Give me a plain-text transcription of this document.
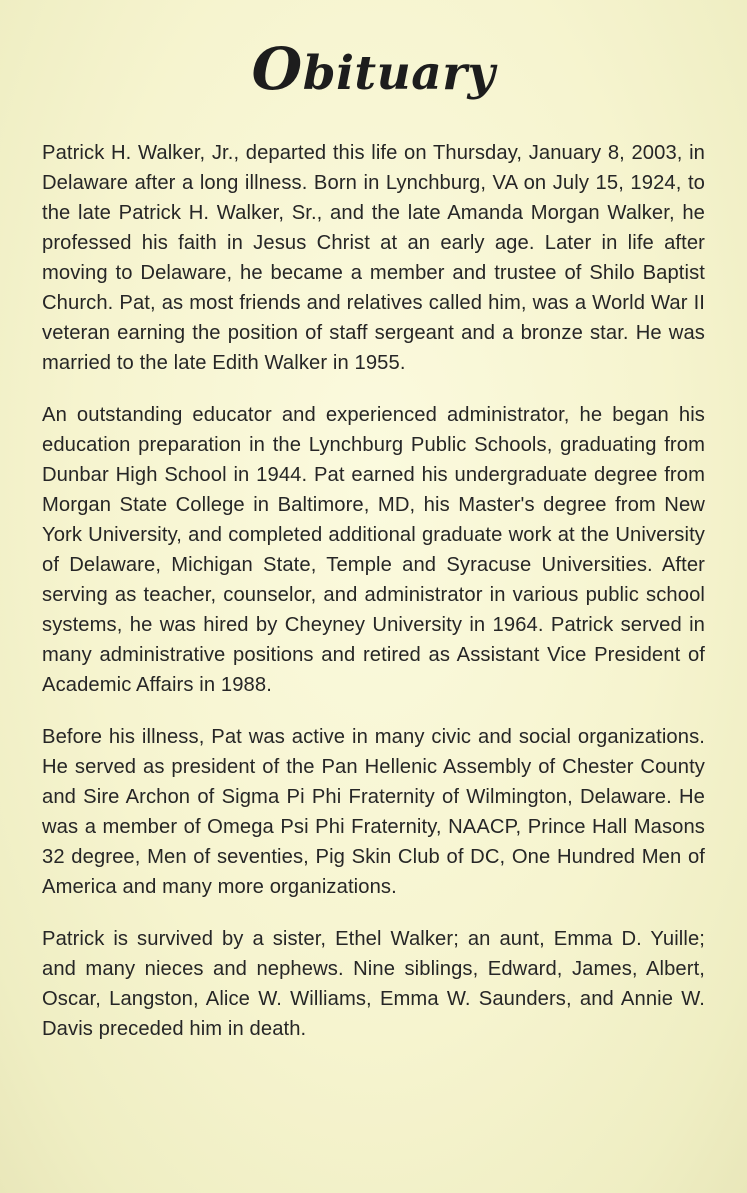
Obituary

Patrick H. Walker, Jr., departed this life on Thursday, January 8, 2003, in Delaware after a long illness. Born in Lynchburg, VA on July 15, 1924, to the late Patrick H. Walker, Sr., and the late Amanda Morgan Walker, he professed his faith in Jesus Christ at an early age. Later in life after moving to Delaware, he became a member and trustee of Shilo Baptist Church. Pat, as most friends and relatives called him, was a World War II veteran earning the position of staff sergeant and a bronze star. He was married to the late Edith Walker in 1955.

An outstanding educator and experienced administrator, he began his education preparation in the Lynchburg Public Schools, graduating from Dunbar High School in 1944. Pat earned his undergraduate degree from Morgan State College in Baltimore, MD, his Master's degree from New York University, and completed additional graduate work at the University of Delaware, Michigan State, Temple and Syracuse Universities. After serving as teacher, counselor, and administrator in various public school systems, he was hired by Cheyney University in 1964. Patrick served in many administrative positions and retired as Assistant Vice President of Academic Affairs in 1988.

Before his illness, Pat was active in many civic and social organizations. He served as president of the Pan Hellenic Assembly of Chester County and Sire Archon of Sigma Pi Phi Fraternity of Wilmington, Delaware. He was a member of Omega Psi Phi Fraternity, NAACP, Prince Hall Masons 32 degree, Men of seventies, Pig Skin Club of DC, One Hundred Men of America and many more organizations.

Patrick is survived by a sister, Ethel Walker; an aunt, Emma D. Yuille; and many nieces and nephews. Nine siblings, Edward, James, Albert, Oscar, Langston, Alice W. Williams, Emma W. Saunders, and Annie W. Davis preceded him in death.
